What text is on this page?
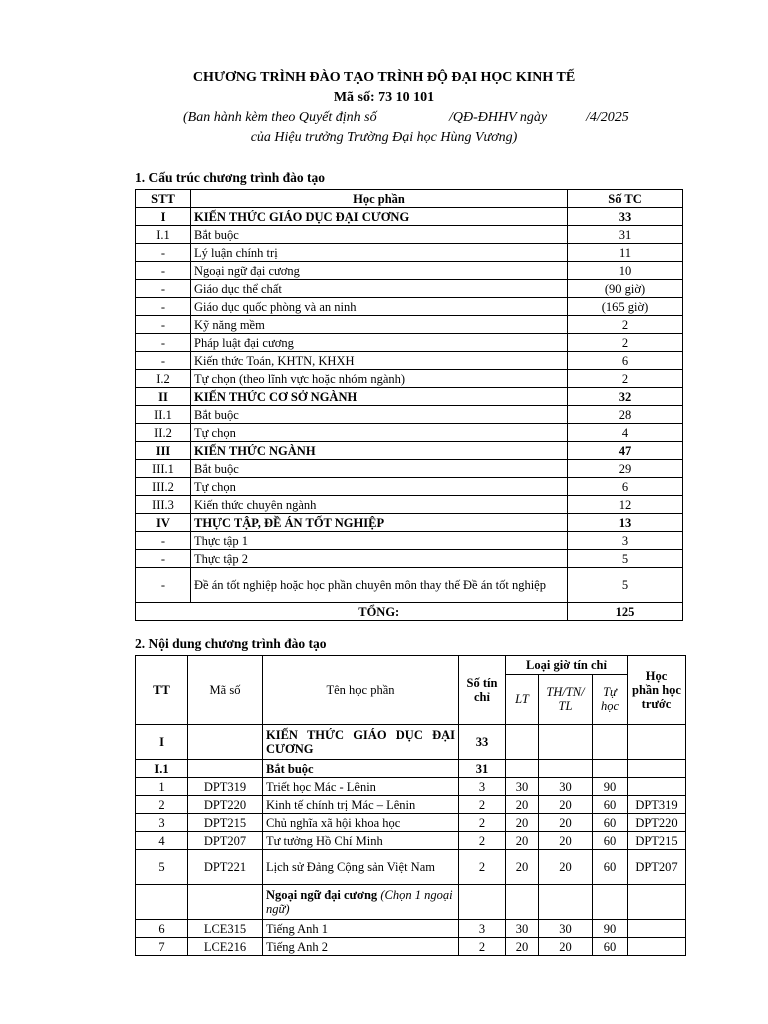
CHƯƠNG TRÌNH ĐÀO TẠO TRÌNH ĐỘ ĐẠI HỌC KINH TẾ
Mã số: 73 10 101
(Ban hành kèm theo Quyết định số	/QĐ-ĐHHV ngày	/4/2025
của Hiệu trưởng Trường Đại học Hùng Vương)
1. Cấu trúc chương trình đào tạo
STT	Học phần	Số TC
I	KIẾN THỨC GIÁO DỤC ĐẠI CƯƠNG	33
I.1	Bắt buộc	31
-	Lý luận chính trị	11
-	Ngoại ngữ đại cương	10
-	Giáo dục thể chất	(90 giờ)
-	Giáo dục quốc phòng và an ninh	(165 giờ)
-	Kỹ năng mềm	2
-	Pháp luật đại cương	2
-	Kiến thức Toán, KHTN, KHXH	6
I.2	Tự chọn (theo lĩnh vực hoặc nhóm ngành)	2
II	KIẾN THỨC CƠ SỞ NGÀNH	32
II.1	Bắt buộc	28
II.2	Tự chọn	4
III	KIẾN THỨC NGÀNH	47
III.1	Bắt buộc	29
III.2	Tự chọn	6
III.3	Kiến thức chuyên ngành	12
IV	THỰC TẬP, ĐỀ ÁN TỐT NGHIỆP	13
-	Thực tập 1	3
-	Thực tập 2	5
-	Đề án tốt nghiệp hoặc học phần chuyên môn thay thế Đề án tốt nghiệp	5
	TỔNG:	125
2. Nội dung chương trình đào tạo
TT	Mã số	Tên học phần	Số tín chỉ	Loại giờ tín chỉ			Học phần học trước
				LT	TH/TN/ TL	Tự học	
I		KIẾN THỨC GIÁO DỤC ĐẠI CƯƠNG	33				
I.1		Bắt buộc	31				
1	DPT319	Triết học Mác - Lênin	3	30	30	90	
2	DPT220	Kinh tế chính trị Mác – Lênin	2	20	20	60	DPT319
3	DPT215	Chủ nghĩa xã hội khoa học	2	20	20	60	DPT220
4	DPT207	Tư tưởng Hồ Chí Minh	2	20	20	60	DPT215
5	DPT221	Lịch sử Đảng Cộng sản Việt Nam	2	20	20	60	DPT207
		Ngoại ngữ đại cương (Chọn 1 ngoại ngữ)					
6	LCE315	Tiếng Anh 1	3	30	30	90	
7	LCE216	Tiếng Anh 2	2	20	20	60	
